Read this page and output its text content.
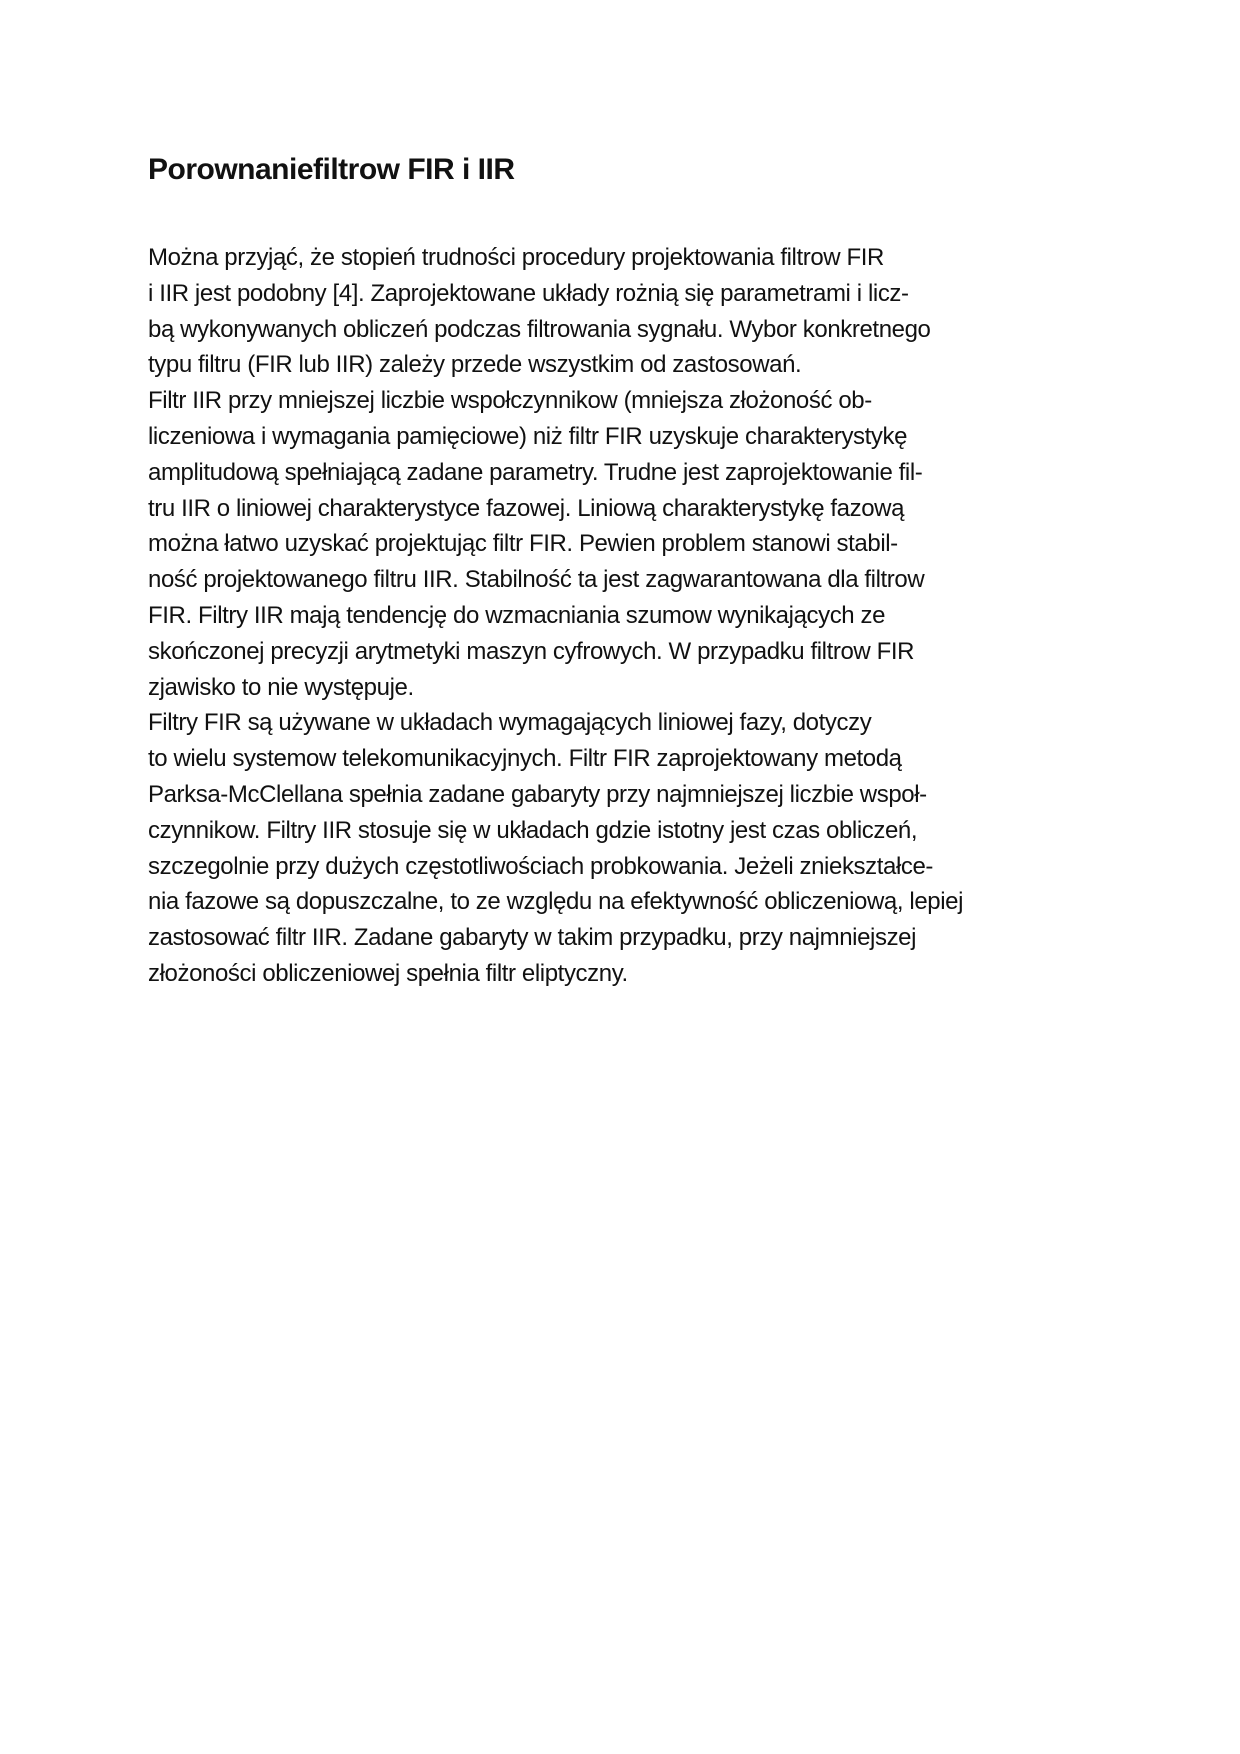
Porownaniefiltrow FIR i IIR
Można przyjąć, że stopień trudności procedury projektowania filtrow FIR
i IIR jest podobny [4]. Zaprojektowane układy rożnią się parametrami i licz-
bą wykonywanych obliczeń podczas filtrowania sygnału. Wybor konkretnego
typu filtru (FIR lub IIR) zależy przede wszystkim od zastosowań.
Filtr IIR przy mniejszej liczbie wspołczynnikow (mniejsza złożoność ob-
liczeniowa i wymagania pamięciowe) niż filtr FIR uzyskuje charakterystykę
amplitudową spełniającą zadane parametry. Trudne jest zaprojektowanie fil-
tru IIR o liniowej charakterystyce fazowej. Liniową charakterystykę fazową
można łatwo uzyskać projektując filtr FIR. Pewien problem stanowi stabil-
ność projektowanego filtru IIR. Stabilność ta jest zagwarantowana dla filtrow
FIR. Filtry IIR mają tendencję do wzmacniania szumow wynikających ze
skończonej precyzji arytmetyki maszyn cyfrowych. W przypadku filtrow FIR
zjawisko to nie występuje.
Filtry FIR są używane w układach wymagających liniowej fazy, dotyczy
to wielu systemow telekomunikacyjnych. Filtr FIR zaprojektowany metodą
Parksa-McClellana spełnia zadane gabaryty przy najmniejszej liczbie wspoł-
czynnikow. Filtry IIR stosuje się w układach gdzie istotny jest czas obliczeń,
szczegolnie przy dużych częstotliwościach probkowania. Jeżeli zniekształce-
nia fazowe są dopuszczalne, to ze względu na efektywność obliczeniową, lepiej
zastosować filtr IIR. Zadane gabaryty w takim przypadku, przy najmniejszej
złożoności obliczeniowej spełnia filtr eliptyczny.
